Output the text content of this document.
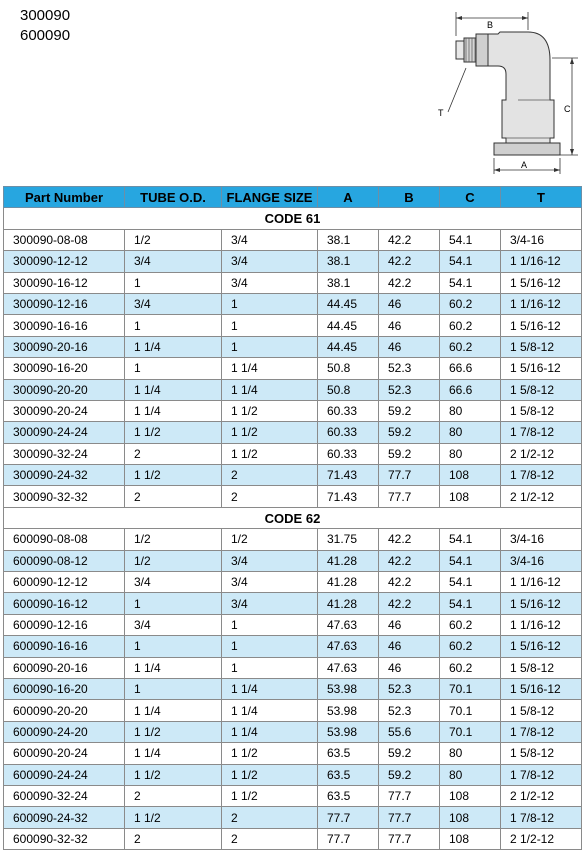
300090
600090
B
T	C
A
Part Number	TUBE O.D.	FLANGE SIZE	A	B	C	T
CODE 61						
300090-08-08	1/2	3/4	38.1	42.2	54.1	3/4-16
300090-12-12	3/4	3/4	38.1	42.2	54.1	1 1/16-12
300090-16-12	1	3/4	38.1	42.2	54.1	1 5/16-12
300090-12-16	3/4	1	44.45	46	60.2	1 1/16-12
300090-16-16	1	1	44.45	46	60.2	1 5/16-12
300090-20-16	1 1/4	1	44.45	46	60.2	1 5/8-12
300090-16-20	1	1 1/4	50.8	52.3	66.6	1 5/16-12
300090-20-20	1 1/4	1 1/4	50.8	52.3	66.6	1 5/8-12
300090-20-24	1 1/4	1 1/2	60.33	59.2	80	1 5/8-12
300090-24-24	1 1/2	1 1/2	60.33	59.2	80	1 7/8-12
300090-32-24	2	1 1/2	60.33	59.2	80	2 1/2-12
300090-24-32	1 1/2	2	71.43	77.7	108	1 7/8-12
300090-32-32	2	2	71.43	77.7	108	2 1/2-12
CODE 62						
600090-08-08	1/2	1/2	31.75	42.2	54.1	3/4-16
600090-08-12	1/2	3/4	41.28	42.2	54.1	3/4-16
600090-12-12	3/4	3/4	41.28	42.2	54.1	1 1/16-12
600090-16-12	1	3/4	41.28	42.2	54.1	1 5/16-12
600090-12-16	3/4	1	47.63	46	60.2	1 1/16-12
600090-16-16	1	1	47.63	46	60.2	1 5/16-12
600090-20-16	1 1/4	1	47.63	46	60.2	1 5/8-12
600090-16-20	1	1 1/4	53.98	52.3	70.1	1 5/16-12
600090-20-20	1 1/4	1 1/4	53.98	52.3	70.1	1 5/8-12
600090-24-20	1 1/2	1 1/4	53.98	55.6	70.1	1 7/8-12
600090-20-24	1 1/4	1 1/2	63.5	59.2	80	1 5/8-12
600090-24-24	1 1/2	1 1/2	63.5	59.2	80	1 7/8-12
600090-32-24	2	1 1/2	63.5	77.7	108	2 1/2-12
600090-24-32	1 1/2	2	77.7	77.7	108	1 7/8-12
600090-32-32	2	2	77.7	77.7	108	2 1/2-12
